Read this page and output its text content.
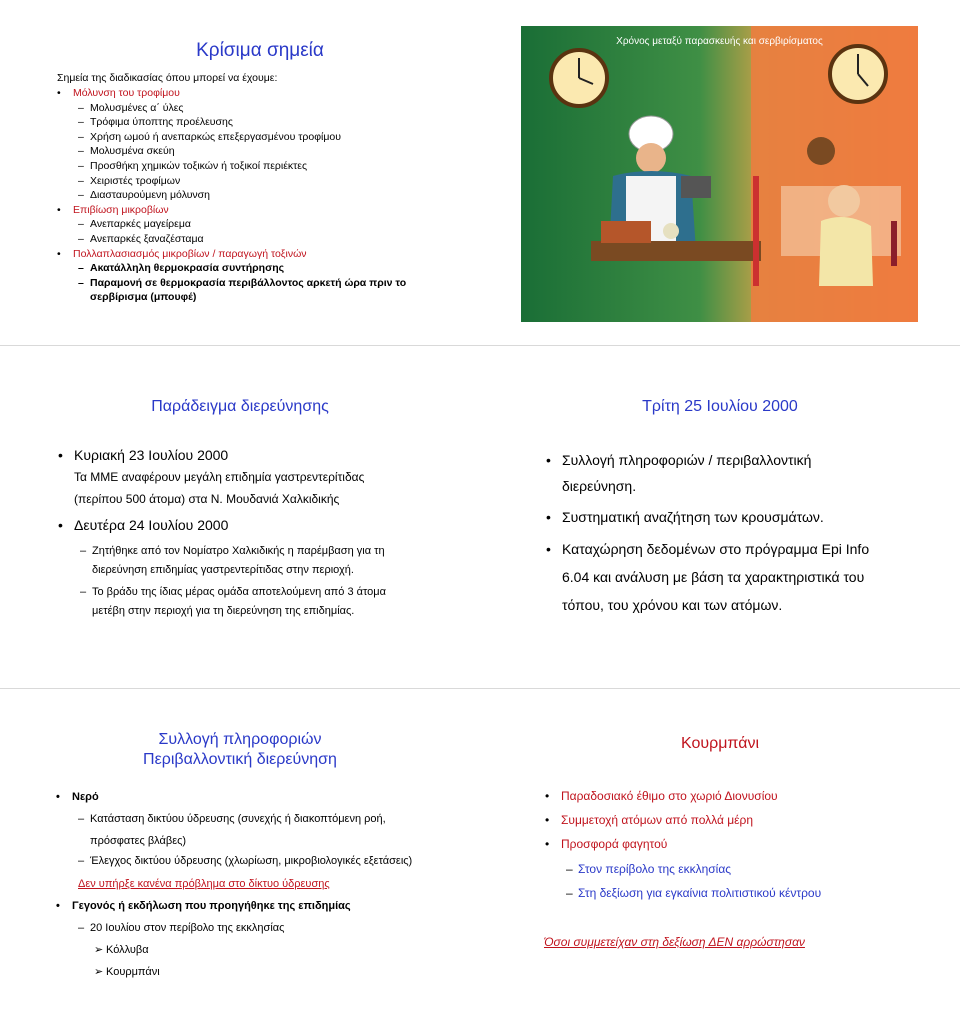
Κρίσιμα σημεία
Σημεία της διαδικασίας όπου μπορεί να έχουμε:
• Μόλυνση του τροφίμου
– Μολυσμένες α΄ ύλες
– Τρόφιμα ύποπτης προέλευσης
– Χρήση ωμού ή ανεπαρκώς επεξεργασμένου τροφίμου
– Μολυσμένα σκεύη
– Προσθήκη χημικών τοξικών ή τοξικοί περιέκτες
– Χειριστές τροφίμων
– Διασταυρούμενη μόλυνση
• Επιβίωση μικροβίων
– Ανεπαρκές μαγείρεμα
– Ανεπαρκές ξαναζέσταμα
• Πολλαπλασιασμός μικροβίων / παραγωγή τοξινών
– Ακατάλληλη θερμοκρασία συντήρησης
– Παραμονή σε θερμοκρασία περιβάλλοντος αρκετή ώρα πριν το
σερβίρισμα (μπουφέ)
Χρόνος μεταξύ παρασκευής και σερβιρίσματος
Παράδειγμα διερεύνησης
• Κυριακή 23 Ιουλίου 2000
Τα ΜΜΕ αναφέρουν μεγάλη επιδημία γαστρεντερίτιδας
(περίπου 500 άτομα) στα Ν. Μουδανιά Χαλκιδικής
• Δευτέρα 24 Ιουλίου 2000
– Ζητήθηκε από τον Νομίατρο Χαλκιδικής η παρέμβαση για τη
διερεύνηση επιδημίας γαστρεντερίτιδας στην περιοχή.
– Το βράδυ της ίδιας μέρας ομάδα αποτελούμενη από 3 άτομα
μετέβη στην περιοχή για τη διερεύνηση της επιδημίας.
Τρίτη 25 Ιουλίου 2000
• Συλλογή πληροφοριών / περιβαλλοντική
διερεύνηση.
• Συστηματική αναζήτηση των κρουσμάτων.
• Καταχώρηση δεδομένων στο πρόγραμμα Epi Info
6.04 και ανάλυση με βάση τα χαρακτηριστικά του
τόπου, του χρόνου και των ατόμων.
Συλλογή πληροφοριών
Περιβαλλοντική διερεύνηση
• Νερό
– Κατάσταση δικτύου ύδρευσης (συνεχής ή διακοπτόμενη ροή,
πρόσφατες βλάβες)
– Έλεγχος δικτύου ύδρευσης (χλωρίωση, μικροβιολογικές εξετάσεις)
Δεν υπήρξε κανένα πρόβλημα στο δίκτυο ύδρευσης
• Γεγονός ή εκδήλωση που προηγήθηκε της επιδημίας
– 20 Ιουλίου στον περίβολο της εκκλησίας
➢ Κόλλυβα
➢ Κουρμπάνι
Κουρμπάνι
• Παραδοσιακό έθιμο στο χωριό Διονυσίου
• Συμμετοχή ατόμων από πολλά μέρη
• Προσφορά φαγητού
– Στον περίβολο της εκκλησίας
– Στη δεξίωση για εγκαίνια πολιτιστικού κέντρου
Όσοι συμμετείχαν στη δεξίωση ΔΕΝ αρρώστησαν
